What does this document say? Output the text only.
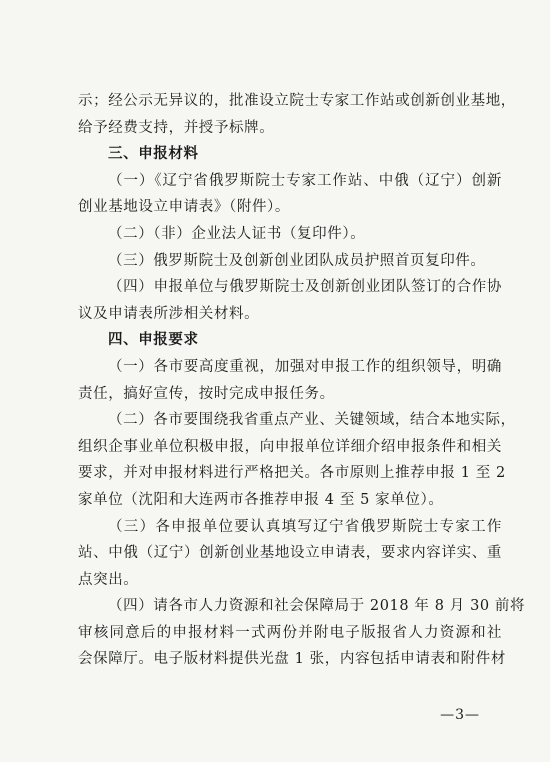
示；经公示无异议的，批准设立院士专家工作站或创新创业基地，
给予经费支持，并授予标牌。
三、申报材料
（一）《辽宁省俄罗斯院士专家工作站、中俄（辽宁）创新
创业基地设立申请表》（附件）。
（二）（非）企业法人证书（复印件）。
（三）俄罗斯院士及创新创业团队成员护照首页复印件。
（四）申报单位与俄罗斯院士及创新创业团队签订的合作协
议及申请表所涉相关材料。
四、申报要求
（一）各市要高度重视，加强对申报工作的组织领导，明确
责任，搞好宣传，按时完成申报任务。
（二）各市要围绕我省重点产业、关键领域，结合本地实际，
组织企事业单位积极申报，向申报单位详细介绍申报条件和相关
要求，并对申报材料进行严格把关。各市原则上推荐申报 1 至 2
家单位（沈阳和大连两市各推荐申报 4 至 5 家单位）。
（三）各申报单位要认真填写辽宁省俄罗斯院士专家工作
站、中俄（辽宁）创新创业基地设立申请表，要求内容详实、重
点突出。
（四）请各市人力资源和社会保障局于 2018 年 8 月 30 前将
审核同意后的申报材料一式两份并附电子版报省人力资源和社
会保障厅。电子版材料提供光盘 1 张，内容包括申请表和附件材
—3—
